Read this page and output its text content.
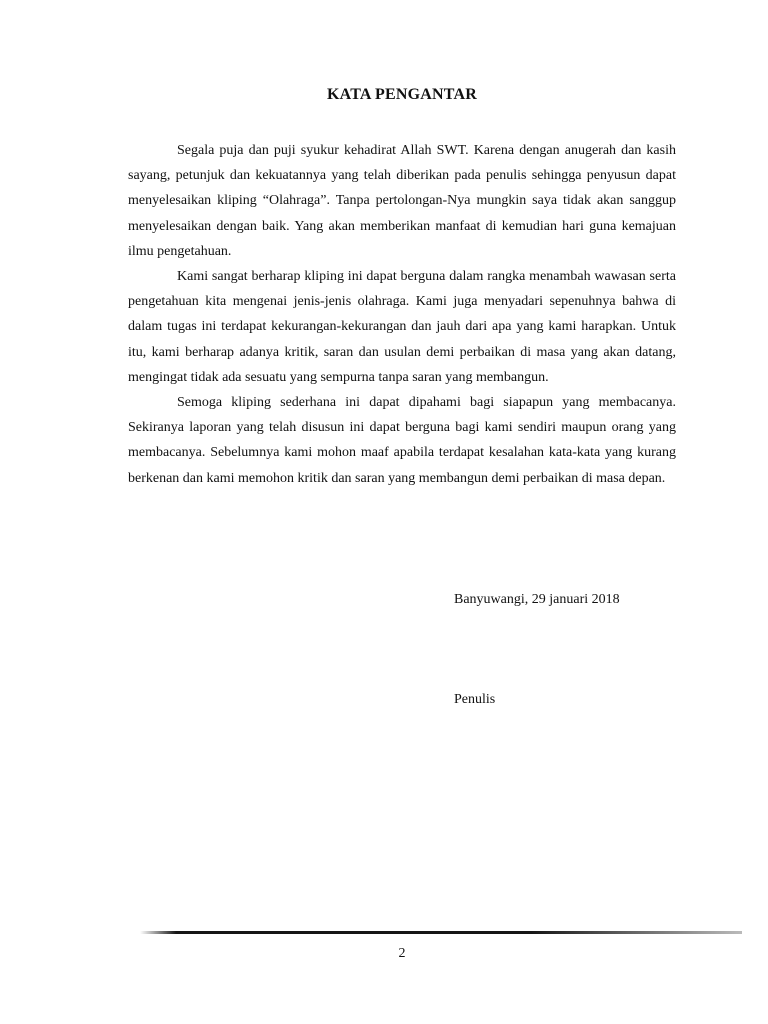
KATA PENGANTAR

Segala puja dan puji syukur kehadirat Allah SWT. Karena dengan anugerah dan kasih sayang, petunjuk dan kekuatannya yang telah diberikan pada penulis sehingga penyusun dapat menyelesaikan kliping “Olahraga”. Tanpa pertolongan-Nya mungkin saya tidak akan sanggup menyelesaikan dengan baik. Yang akan memberikan manfaat di kemudian hari guna kemajuan ilmu pengetahuan.

Kami sangat berharap kliping ini dapat berguna dalam rangka menambah wawasan serta pengetahuan kita mengenai jenis-jenis olahraga. Kami juga menyadari sepenuhnya bahwa di dalam tugas ini terdapat kekurangan-kekurangan dan jauh dari apa yang kami harapkan. Untuk itu, kami berharap adanya kritik, saran dan usulan demi perbaikan di masa yang akan datang, mengingat tidak ada sesuatu yang sempurna tanpa saran yang membangun.

Semoga kliping sederhana ini dapat dipahami bagi siapapun yang membacanya. Sekiranya laporan yang telah disusun ini dapat berguna bagi kami sendiri maupun orang yang membacanya. Sebelumnya kami mohon maaf apabila terdapat kesalahan kata-kata yang kurang berkenan dan kami memohon kritik dan saran yang membangun demi perbaikan di masa depan.

Banyuwangi, 29 januari 2018

Penulis

2
